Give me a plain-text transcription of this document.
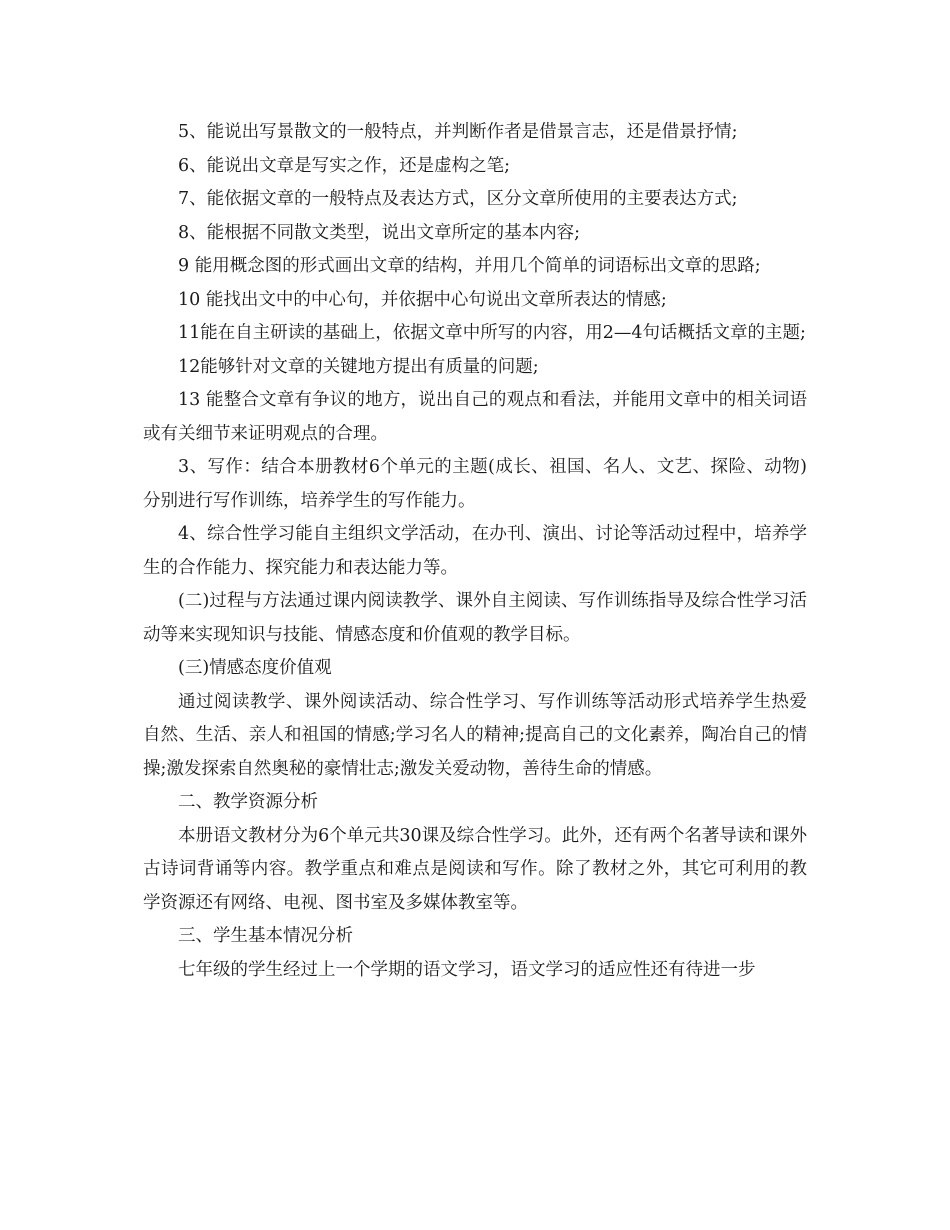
5、能说出写景散文的一般特点，并判断作者是借景言志，还是借景抒情;

6、能说出文章是写实之作，还是虚构之笔;

7、能依据文章的一般特点及表达方式，区分文章所使用的主要表达方式;

8、能根据不同散文类型，说出文章所定的基本内容;

9 能用概念图的形式画出文章的结构，并用几个简单的词语标出文章的思路;

10 能找出文中的中心句，并依据中心句说出文章所表达的情感;

11能在自主研读的基础上，依据文章中所写的内容，用2—4句话概括文章的主题;

12能够针对文章的关键地方提出有质量的问题;

13 能整合文章有争议的地方，说出自己的观点和看法，并能用文章中的相关词语或有关细节来证明观点的合理。

3、写作：结合本册教材6个单元的主题(成长、祖国、名人、文艺、探险、动物)分别进行写作训练，培养学生的写作能力。

4、综合性学习能自主组织文学活动，在办刊、演出、讨论等活动过程中，培养学生的合作能力、探究能力和表达能力等。

(二)过程与方法通过课内阅读教学、课外自主阅读、写作训练指导及综合性学习活动等来实现知识与技能、情感态度和价值观的教学目标。

(三)情感态度价值观

通过阅读教学、课外阅读活动、综合性学习、写作训练等活动形式培养学生热爱自然、生活、亲人和祖国的情感;学习名人的精神;提高自己的文化素养，陶冶自己的情操;激发探索自然奥秘的豪情壮志;激发关爱动物，善待生命的情感。

二、教学资源分析

本册语文教材分为6个单元共30课及综合性学习。此外，还有两个名著导读和课外古诗词背诵等内容。教学重点和难点是阅读和写作。除了教材之外，其它可利用的教学资源还有网络、电视、图书室及多媒体教室等。

三、学生基本情况分析

七年级的学生经过上一个学期的语文学习，语文学习的适应性还有待进一步
